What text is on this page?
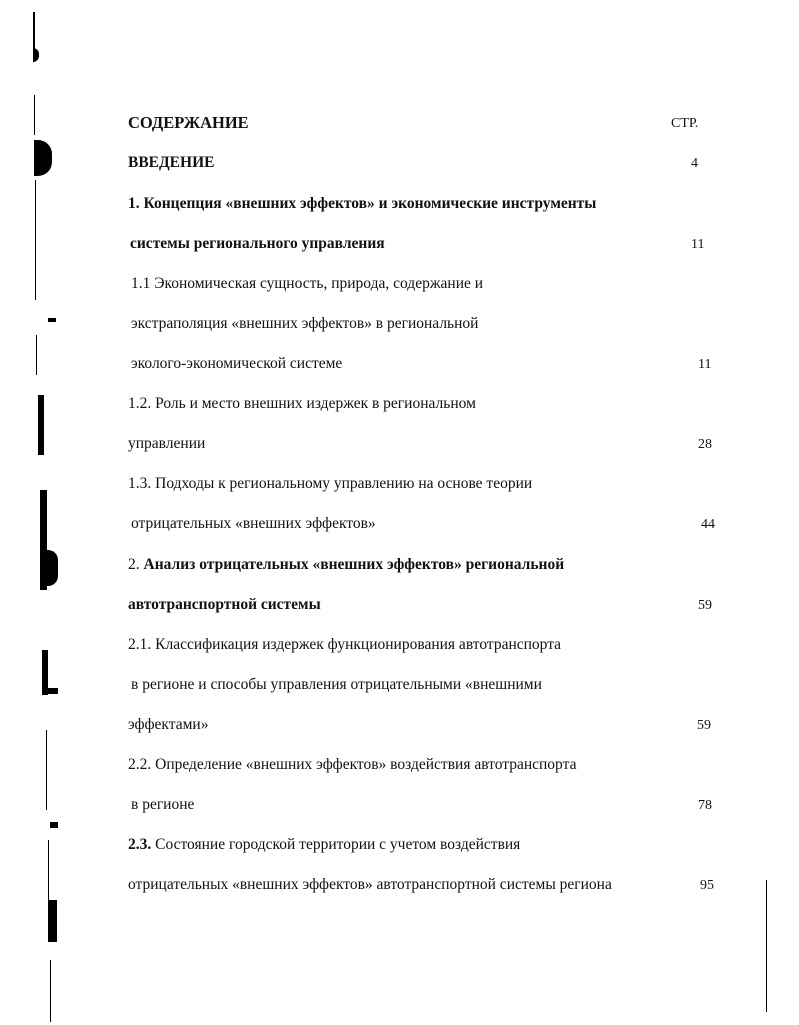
СОДЕРЖАНИЕ	СТР.
ВВЕДЕНИЕ	4
1. Концепция «внешних эффектов» и экономические инструменты
системы регионального управления	11
1.1 Экономическая сущность, природа, содержание и
экстраполяция «внешних эффектов» в региональной
эколого-экономической системе	11
1.2. Роль и место внешних издержек в региональном
управлении	28
1.3. Подходы к региональному управлению на основе теории
отрицательных «внешних эффектов»	44
2. Анализ отрицательных «внешних эффектов» региональной
автотранспортной системы	59
2.1. Классификация издержек функционирования автотранспорта
в регионе и способы управления отрицательными «внешними
эффектами»	59
2.2. Определение «внешних эффектов» воздействия автотранспорта
в регионе	78
2.3. Состояние городской территории с учетом воздействия
отрицательных «внешних эффектов» автотранспортной системы региона	95
